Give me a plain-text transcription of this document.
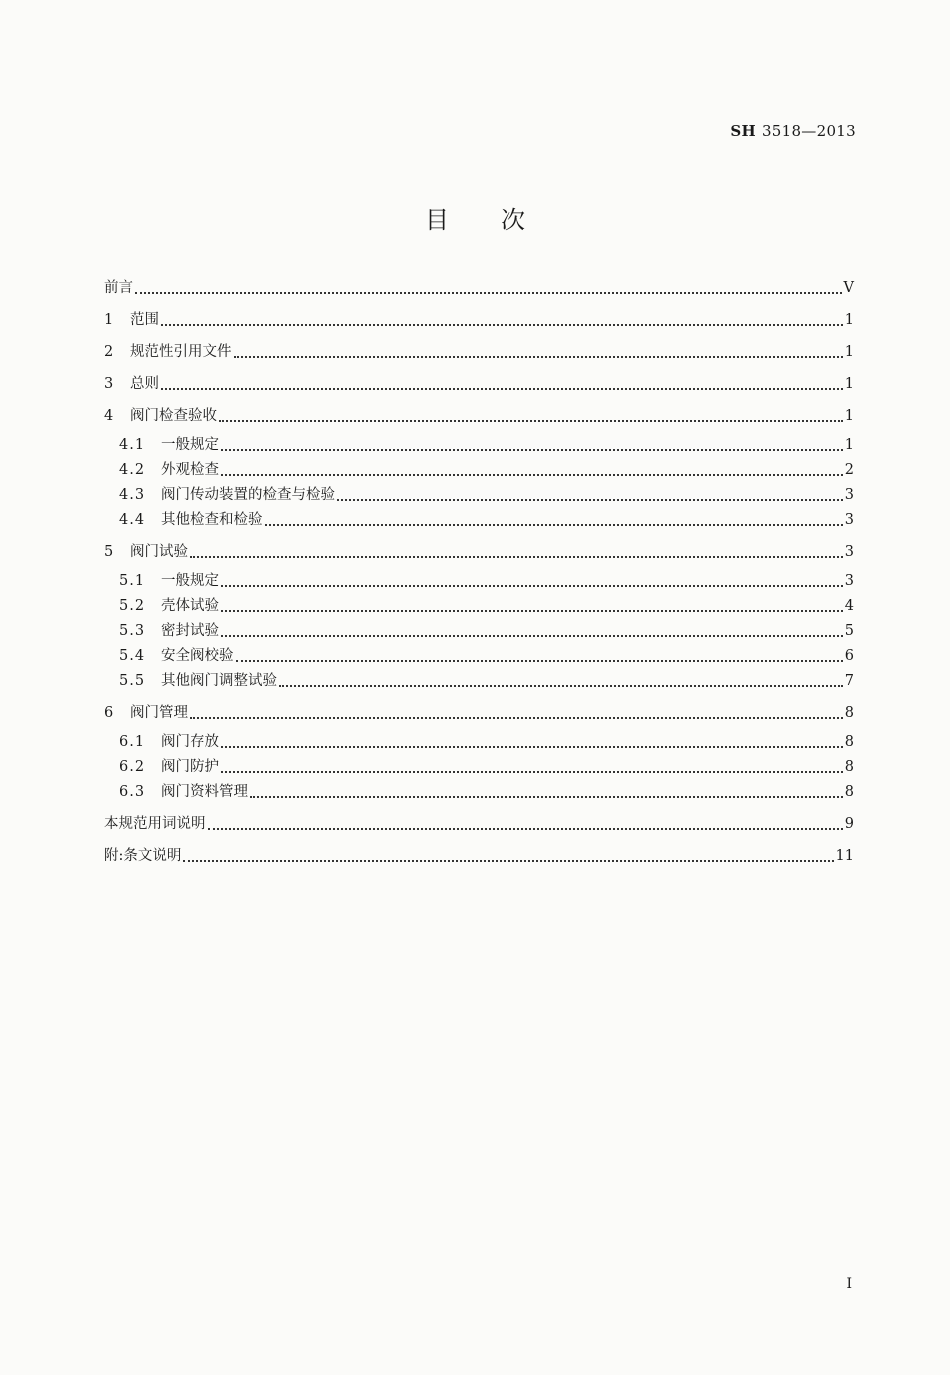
SH 3518—2013
目次
前言	V
1	范围	1
2	规范性引用文件	1
3	总则	1
4	阀门检查验收	1
4.1	一般规定	1
4.2	外观检查	2
4.3	阀门传动装置的检查与检验	3
4.4	其他检查和检验	3
5	阀门试验	3
5.1	一般规定	3
5.2	壳体试验	4
5.3	密封试验	5
5.4	安全阀校验	6
5.5	其他阀门调整试验	7
6	阀门管理	8
6.1	阀门存放	8
6.2	阀门防护	8
6.3	阀门资料管理	8
本规范用词说明	9
附:条文说明	11
I
